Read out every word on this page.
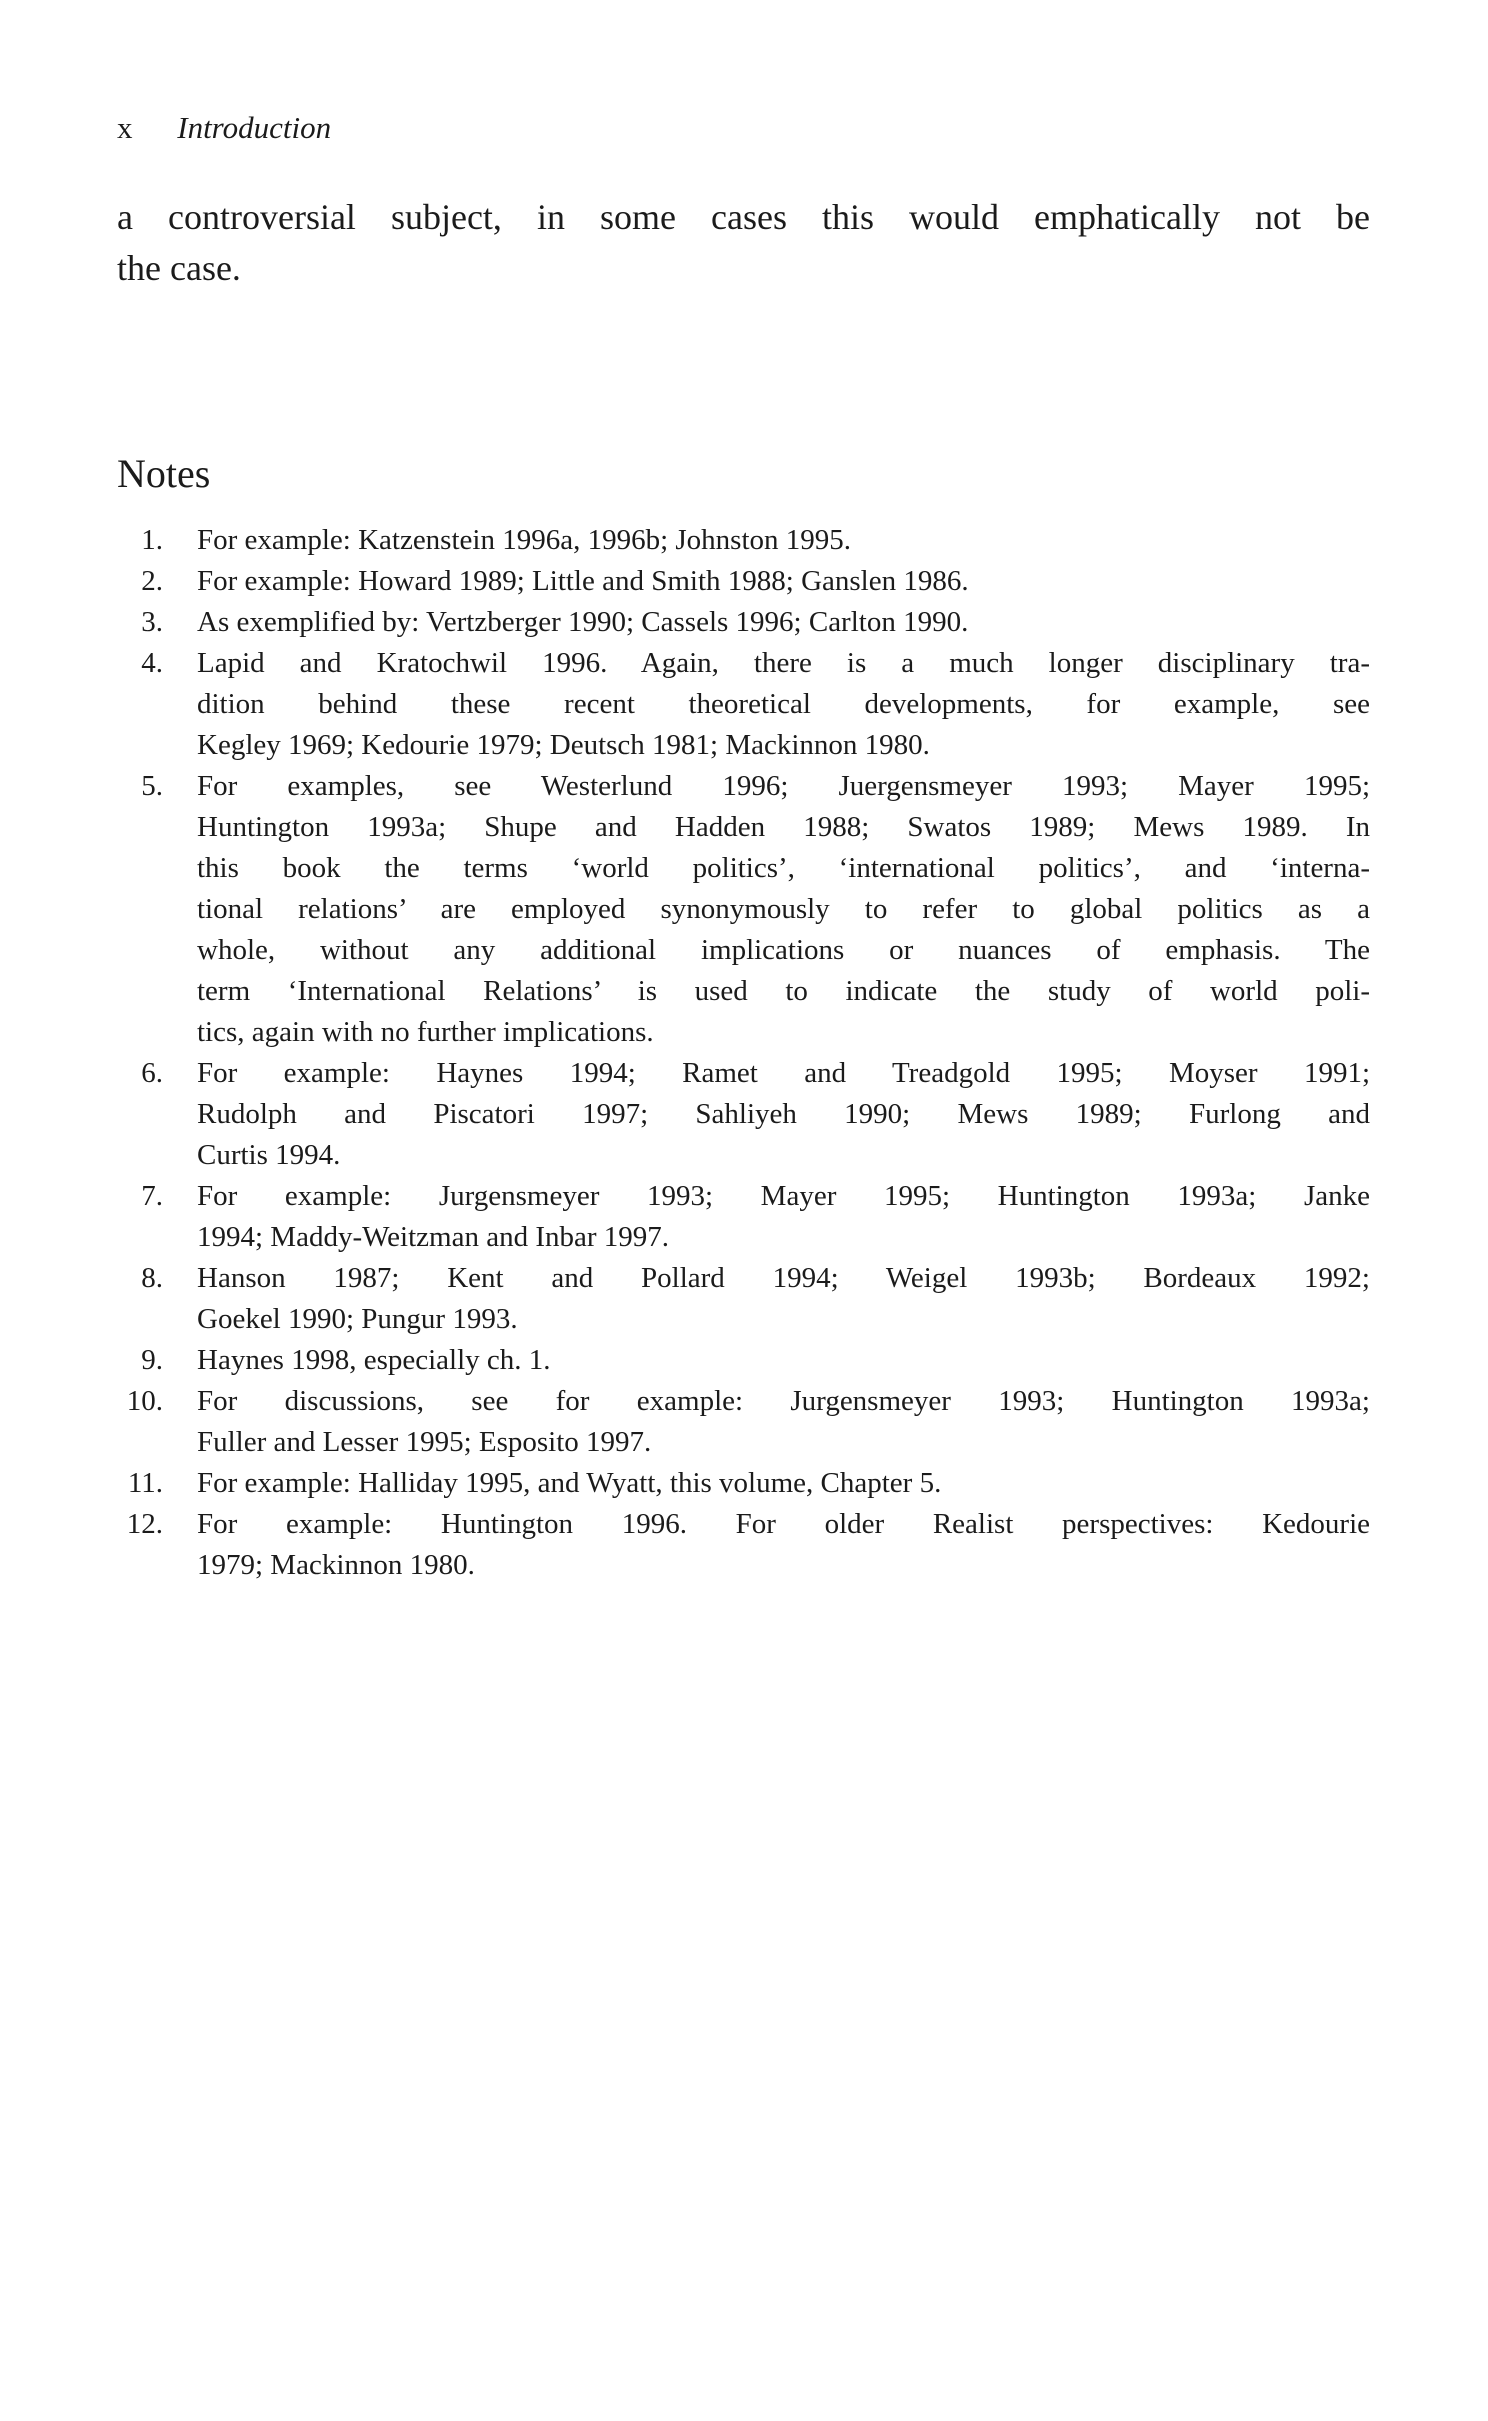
x Introduction
a controversial subject, in some cases this would emphatically not be
the case.
Notes
1. For example: Katzenstein 1996a, 1996b; Johnston 1995.
2. For example: Howard 1989; Little and Smith 1988; Ganslen 1986.
3. As exemplified by: Vertzberger 1990; Cassels 1996; Carlton 1990.
4. Lapid and Kratochwil 1996. Again, there is a much longer disciplinary tra-
dition behind these recent theoretical developments, for example, see
Kegley 1969; Kedourie 1979; Deutsch 1981; Mackinnon 1980.
5. For examples, see Westerlund 1996; Juergensmeyer 1993; Mayer 1995;
Huntington 1993a; Shupe and Hadden 1988; Swatos 1989; Mews 1989. In
this book the terms ‘world politics’, ‘international politics’, and ‘interna-
tional relations’ are employed synonymously to refer to global politics as a
whole, without any additional implications or nuances of emphasis. The
term ‘International Relations’ is used to indicate the study of world poli-
tics, again with no further implications.
6. For example: Haynes 1994; Ramet and Treadgold 1995; Moyser 1991;
Rudolph and Piscatori 1997; Sahliyeh 1990; Mews 1989; Furlong and
Curtis 1994.
7. For example: Jurgensmeyer 1993; Mayer 1995; Huntington 1993a; Janke
1994; Maddy-Weitzman and Inbar 1997.
8. Hanson 1987; Kent and Pollard 1994; Weigel 1993b; Bordeaux 1992;
Goekel 1990; Pungur 1993.
9. Haynes 1998, especially ch. 1.
10. For discussions, see for example: Jurgensmeyer 1993; Huntington 1993a;
Fuller and Lesser 1995; Esposito 1997.
11. For example: Halliday 1995, and Wyatt, this volume, Chapter 5.
12. For example: Huntington 1996. For older Realist perspectives: Kedourie
1979; Mackinnon 1980.
